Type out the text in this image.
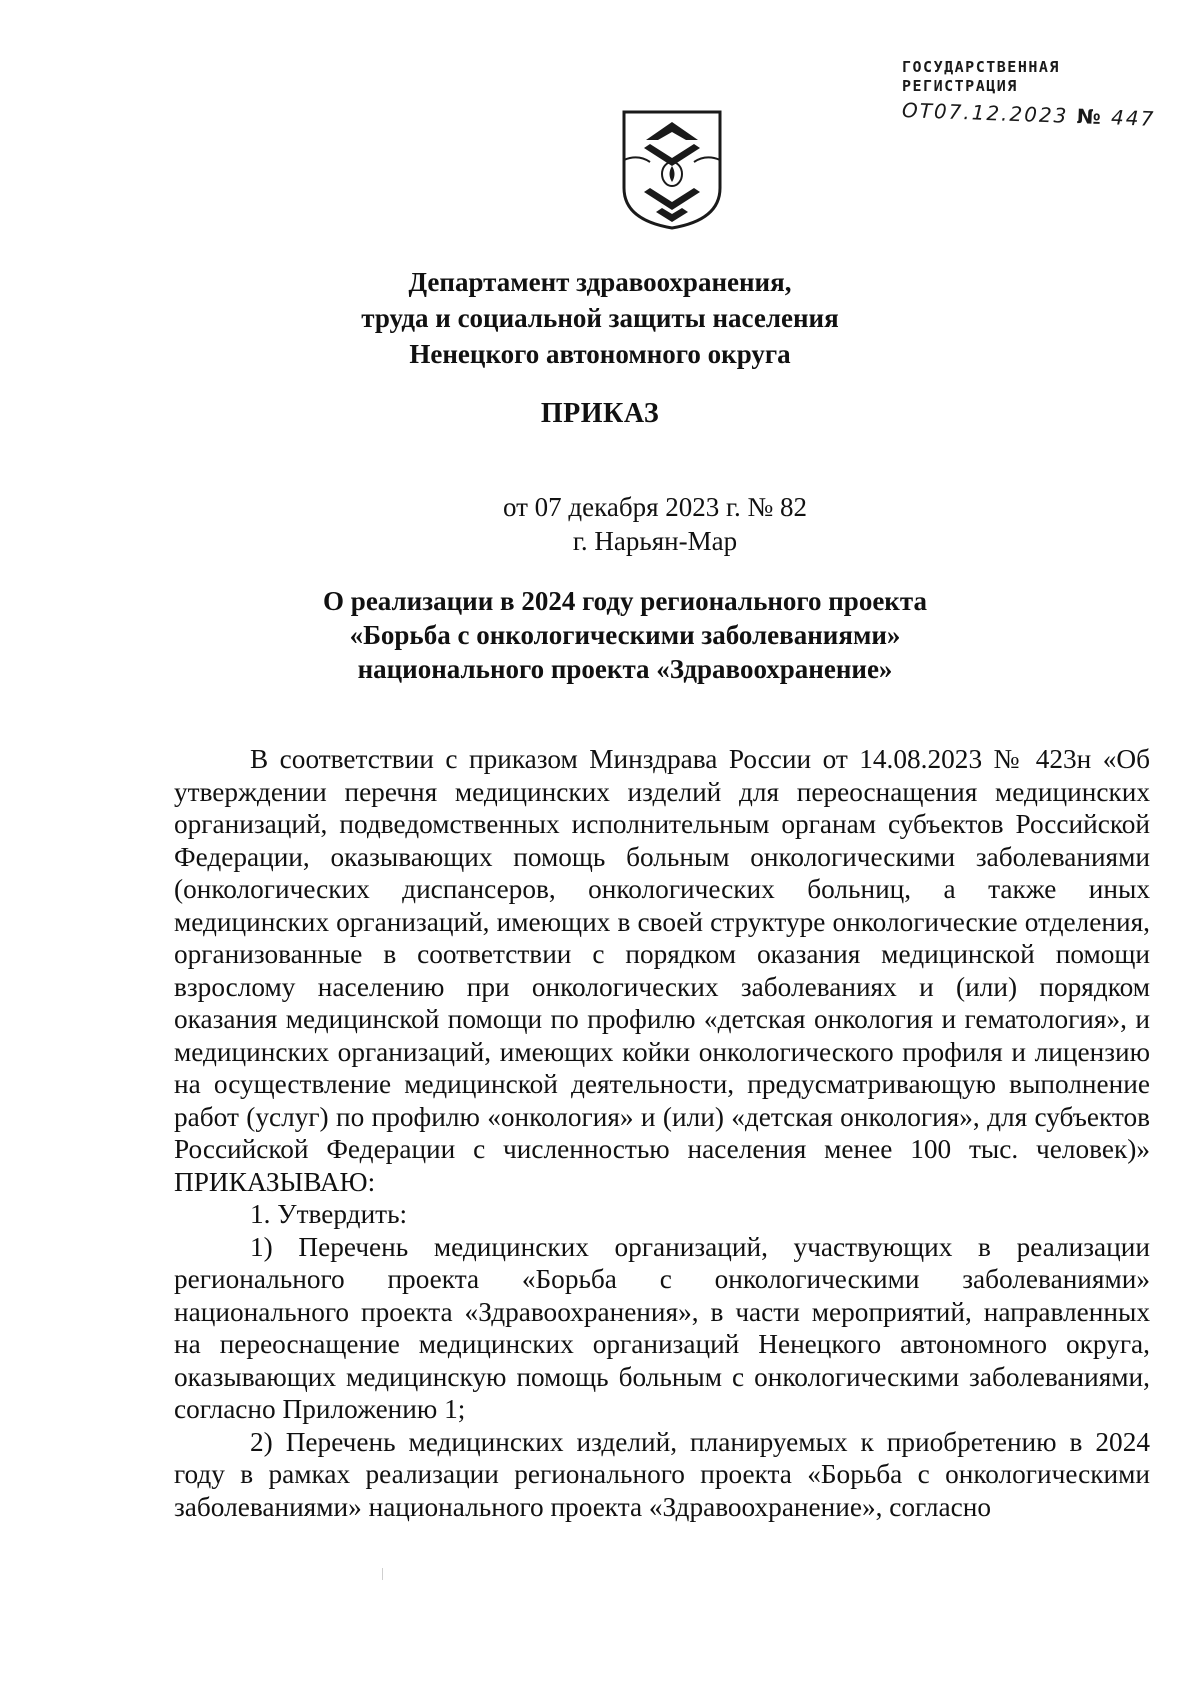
ГОСУДАРСТВЕННАЯ
РЕГИСТРАЦИЯ
ОТ07.12.2023 № 447
Департамент здравоохранения,
труда и социальной защиты населения
Ненецкого автономного округа
ПРИКАЗ
от 07 декабря 2023 г. № 82
г. Нарьян-Мар
О реализации в 2024 году регионального проекта
«Борьба с онкологическими заболеваниями»
национального проекта «Здравоохранение»

В соответствии с приказом Минздрава России от 14.08.2023 № 423н «Об утверждении перечня медицинских изделий для переоснащения медицинских организаций, подведомственных исполнительным органам субъектов Российской Федерации, оказывающих помощь больным онкологическими заболеваниями (онкологических диспансеров, онкологических больниц, а также иных медицинских организаций, имеющих в своей структуре онкологические отделения, организованные в соответствии с порядком оказания медицинской помощи взрослому населению при онкологических заболеваниях и (или) порядком оказания медицинской помощи по профилю «детская онкология и гематология», и медицинских организаций, имеющих койки онкологического профиля и лицензию на осуществление медицинской деятельности, предусматривающую выполнение работ (услуг) по профилю «онкология» и (или) «детская онкология», для субъектов Российской Федерации с численностью населения менее 100 тыс. человек)» ПРИКАЗЫВАЮ:

1. Утвердить:

1) Перечень медицинских организаций, участвующих в реализации регионального проекта «Борьба с онкологическими заболеваниями» национального проекта «Здравоохранения», в части мероприятий, направленных на переоснащение медицинских организаций Ненецкого автономного округа, оказывающих медицинскую помощь больным с онкологическими заболеваниями, согласно Приложению 1;

2) Перечень медицинских изделий, планируемых к приобретению в 2024 году в рамках реализации регионального проекта «Борьба с онкологическими заболеваниями» национального проекта «Здравоохранение», согласно
